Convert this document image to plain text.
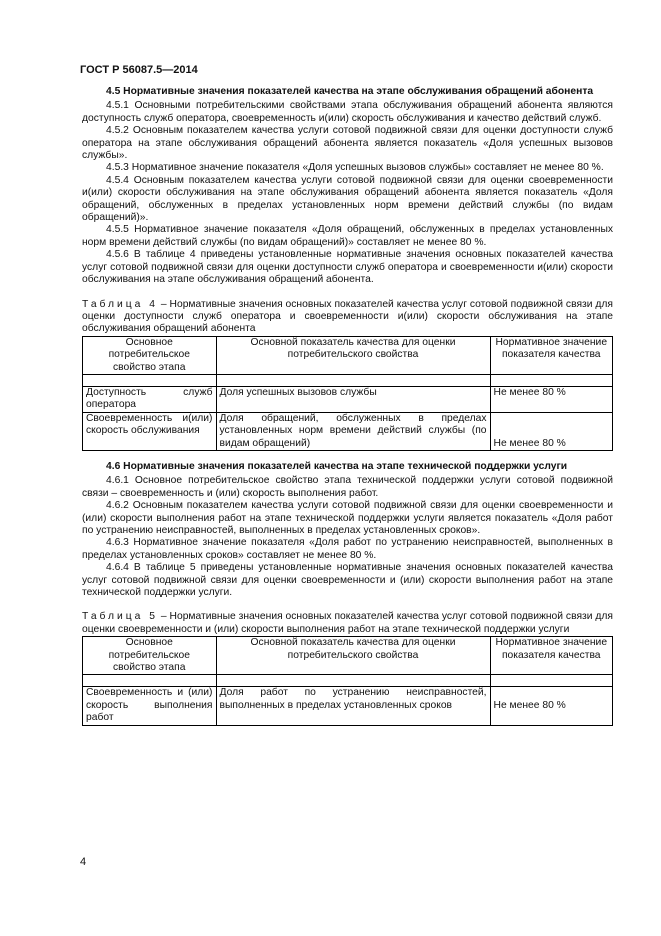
ГОСТ Р 56087.5—2014
4.5 Нормативные значения показателей качества на этапе обслуживания обращений абонента

4.5.1 Основными потребительскими свойствами этапа обслуживания обращений абонента являются доступность служб оператора, своевременность и(или) скорость обслуживания и качество действий служб.

4.5.2 Основным показателем качества услуги сотовой подвижной связи для оценки доступности служб оператора на этапе обслуживания обращений абонента является показатель «Доля успешных вызовов службы».

4.5.3 Нормативное значение показателя «Доля успешных вызовов службы» составляет не менее 80 %.

4.5.4 Основным показателем качества услуги сотовой подвижной связи для оценки своевременности и(или) скорости обслуживания на этапе обслуживания обращений абонента является показатель «Доля обращений, обслуженных в пределах установленных норм времени действий службы (по видам обращений)».

4.5.5 Нормативное значение показателя «Доля обращений, обслуженных в пределах установленных норм времени действий службы (по видам обращений)» составляет не менее 80 %.

4.5.6 В таблице 4 приведены установленные нормативные значения основных показателей качества услуг сотовой подвижной связи для оценки доступности служб оператора и своевременности и(или) скорости обслуживания на этапе обслуживания обращений абонента.

Таблица 4 – Нормативные значения основных показателей качества услуг сотовой подвижной связи для оценки доступности служб оператора и своевременности и(или) скорости обслуживания на этапе обслуживания обращений абонента

Основное потребительское свойство этапа	Основной показатель качества для оценки потребительского свойства	Нормативное значение показателя качества

Доступность служб оператора	Доля успешных вызовов службы	Не менее 80 %
Своевременность и(или) скорость обслуживания	Доля обращений, обслуженных в пределах установленных норм времени действий службы (по видам обращений)	Не менее 80 %
4.6 Нормативные значения показателей качества на этапе технической поддержки услуги

4.6.1 Основное потребительское свойство этапа технической поддержки услуги сотовой подвижной связи – своевременность и (или) скорость выполнения работ.

4.6.2 Основным показателем качества услуги сотовой подвижной связи для оценки своевременности и (или) скорости выполнения работ на этапе технической поддержки услуги является показатель «Доля работ по устранению неисправностей, выполненных в пределах установленных сроков».

4.6.3 Нормативное значение показателя «Доля работ по устранению неисправностей, выполненных в пределах установленных сроков» составляет не менее 80 %.

4.6.4 В таблице 5 приведены установленные нормативные значения основных показателей качества услуг сотовой подвижной связи для оценки своевременности и (или) скорости выполнения работ на этапе технической поддержки услуги.

Таблица 5 – Нормативные значения основных показателей качества услуг сотовой подвижной связи для оценки своевременности и (или) скорости выполнения работ на этапе технической поддержки услуги

Основное потребительское свойство этапа	Основной показатель качества для оценки потребительского свойства	Нормативное значение показателя качества

Своевременность и (или) скорость выполнения работ	Доля работ по устранению неисправностей, выполненных в пределах установленных сроков	Не менее 80 %
4
